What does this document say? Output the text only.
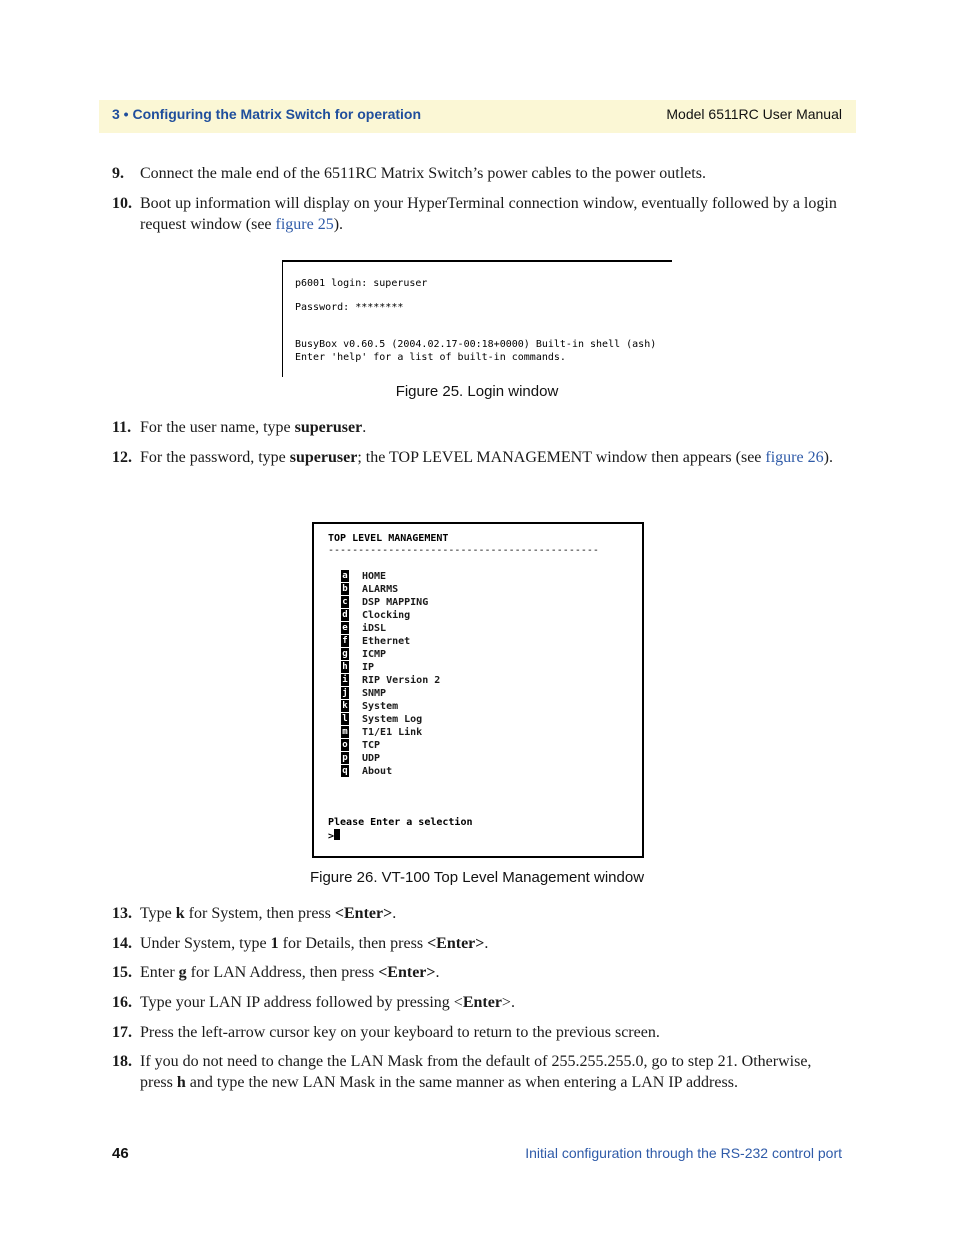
3 • Configuring the Matrix Switch for operation	Model 6511RC User Manual
9. Connect the male end of the 6511RC Matrix Switch’s power cables to the power outlets.
10. Boot up information will display on your HyperTerminal connection window, eventually followed by a login request window (see figure 25).
p6001 login: superuser
Password: ********
BusyBox v0.60.5 (2004.02.17-00:18+0000) Built-in shell (ash)
Enter 'help' for a list of built-in commands.
Figure 25. Login window
11. For the user name, type superuser.
12. For the password, type superuser; the TOP LEVEL MANAGEMENT window then appears (see figure 26).
TOP LEVEL MANAGEMENT
---------------------------------------------
a HOME
b ALARMS
c DSP MAPPING
d Clocking
e iDSL
f Ethernet
g ICMP
h IP
i RIP Version 2
j SNMP
k System
l System Log
m T1/E1 Link
o TCP
p UDP
q About
Please Enter a selection
>
Figure 26. VT-100 Top Level Management window
13. Type k for System, then press <Enter>.
14. Under System, type 1 for Details, then press <Enter>.
15. Enter g for LAN Address, then press <Enter>.
16. Type your LAN IP address followed by pressing <Enter>.
17. Press the left-arrow cursor key on your keyboard to return to the previous screen.
18. If you do not need to change the LAN Mask from the default of 255.255.255.0, go to step 21. Otherwise, press h and type the new LAN Mask in the same manner as when entering a LAN IP address.
46	Initial configuration through the RS-232 control port
